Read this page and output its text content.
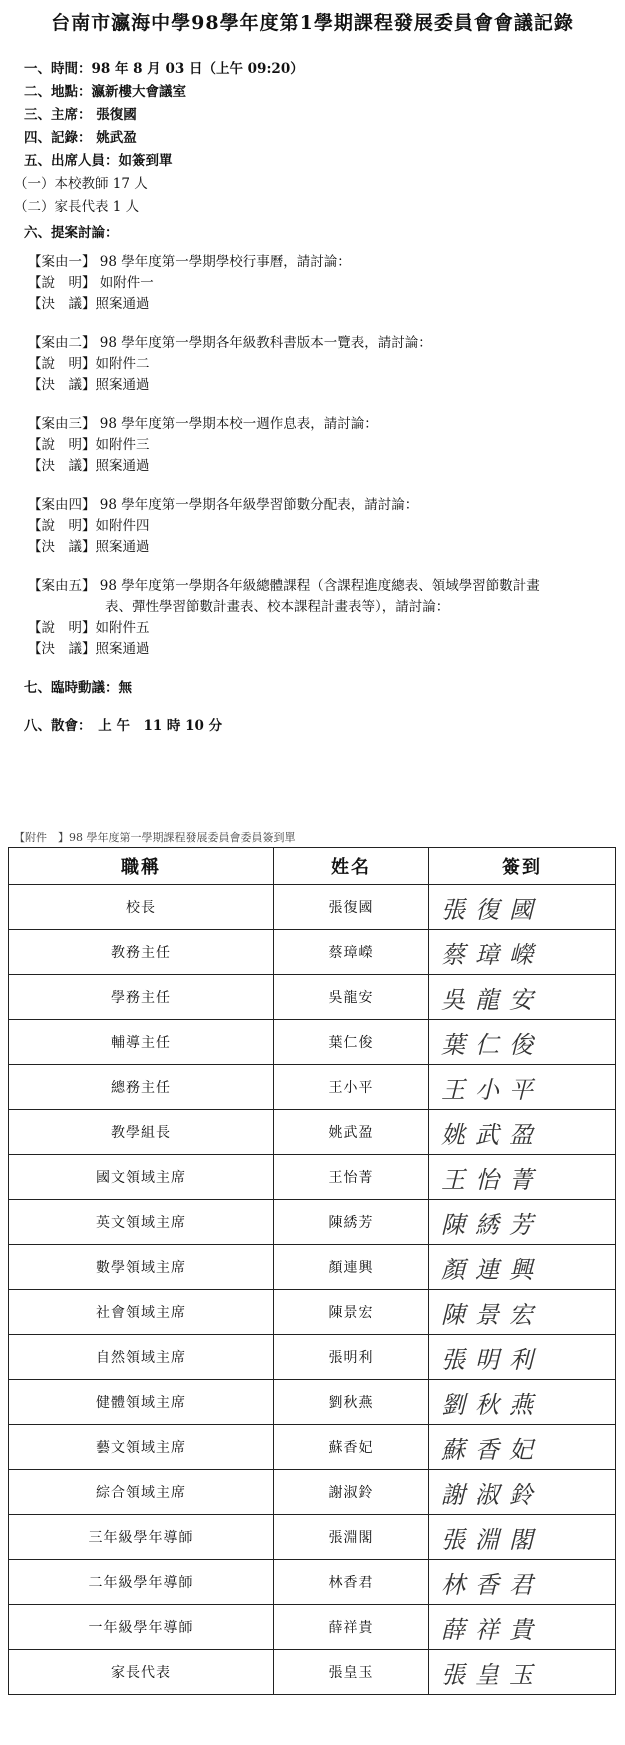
台南市瀛海中學98學年度第1學期課程發展委員會會議記錄
一、時間：98 年 8 月 03 日（上午 09:20）
二、地點：瀛新樓大會議室
三、主席： 張復國
四、記錄： 姚武盈
五、出席人員：如簽到單
（一）本校教師 17 人
（二）家長代表 1 人
六、提案討論：
【案由一】 98 學年度第一學期學校行事曆，請討論：
【說　明】 如附件一
【決　議】照案通過
【案由二】 98 學年度第一學期各年級教科書版本一覽表，請討論：
【說　明】如附件二
【決　議】照案通過
【案由三】 98 學年度第一學期本校一週作息表，請討論：
【說　明】如附件三
【決　議】照案通過
【案由四】 98 學年度第一學期各年級學習節數分配表，請討論：
【說　明】如附件四
【決　議】照案通過
【案由五】 98 學年度第一學期各年級總體課程（含課程進度總表、領域學習節數計畫
表、彈性學習節數計畫表、校本課程計畫表等），請討論：
【說　明】如附件五
【決　議】照案通過
七、臨時動議：無
八、散會：　上 午　11 時 10 分
【附件　】98 學年度第一學期課程發展委員會委員簽到單
職稱	姓名	簽到
校長	張復國	張復國
教務主任	蔡璋嶸	蔡璋嶸
學務主任	吳龍安	吳龍安
輔導主任	葉仁俊	葉仁俊
總務主任	王小平	王小平
教學組長	姚武盈	姚武盈
國文領域主席	王怡菁	王怡菁
英文領域主席	陳綉芳	陳綉芳
數學領域主席	顏連興	顏連興
社會領域主席	陳景宏	陳景宏
自然領域主席	張明利	張明利
健體領域主席	劉秋燕	劉秋燕
藝文領域主席	蘇香妃	蘇香妃
綜合領域主席	謝淑鈴	謝淑鈴
三年級學年導師	張淵閣	張淵閣
二年級學年導師	林香君	林香君
一年級學年導師	薛祥貴	薛祥貴
家長代表	張皇玉	張皇玉
